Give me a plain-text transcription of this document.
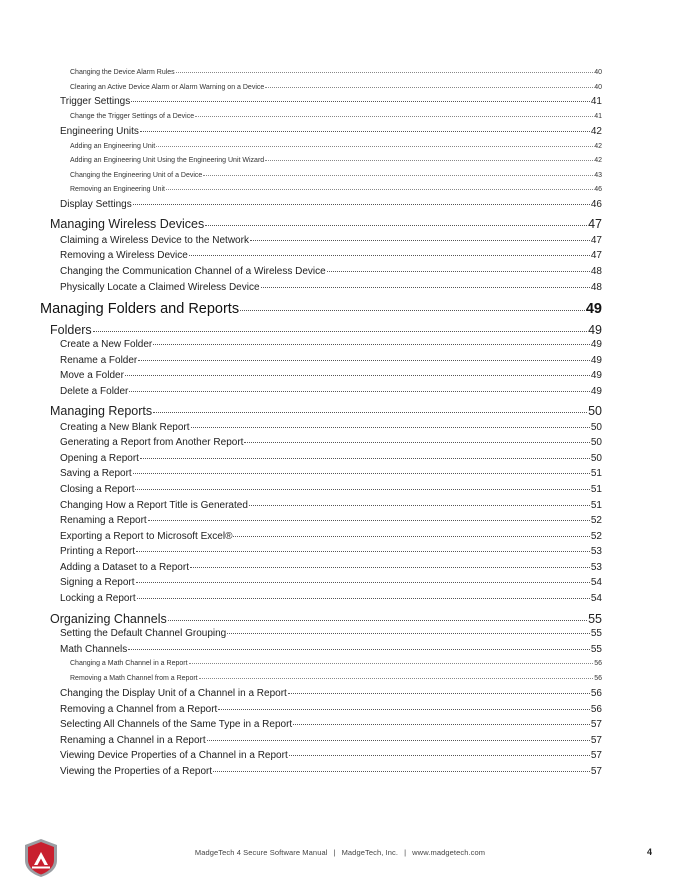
Changing the Device Alarm Rules	40
Clearing an Active Device Alarm or Alarm Warning on a Device	40
Trigger Settings	41
Change the Trigger Settings of a Device	41
Engineering Units	42
Adding an Engineering Unit	42
Adding an Engineering Unit Using the Engineering Unit Wizard	42
Changing the Engineering Unit of a Device	43
Removing an Engineering Unit	46
Display Settings	46
Managing Wireless Devices	47
Claiming a Wireless Device to the Network	47
Removing a Wireless Device	47
Changing the Communication Channel of a Wireless Device	48
Physically Locate a Claimed Wireless Device	48
Managing Folders and Reports	49
Folders	49
Create a New Folder	49
Rename a Folder	49
Move a Folder	49
Delete a Folder	49
Managing Reports	50
Creating a New Blank Report	50
Generating a Report from Another Report	50
Opening a Report	50
Saving a Report	51
Closing a Report	51
Changing How a Report Title is Generated	51
Renaming a Report	52
Exporting a Report to Microsoft Excel®	52
Printing a Report	53
Adding a Dataset to a Report	53
Signing a Report	54
Locking a Report	54
Organizing Channels	55
Setting the Default Channel Grouping	55
Math Channels	55
Changing a Math Channel in a Report	56
Removing a Math Channel from a Report	56
Changing the Display Unit of a Channel in a Report	56
Removing a Channel from a Report	56
Selecting All Channels of the Same Type in a Report	57
Renaming a Channel in a Report	57
Viewing Device Properties of a Channel in a Report	57
Viewing the Properties of a Report	57
MadgeTech 4 Secure Software Manual | MadgeTech, Inc. | www.madgetech.com	4
